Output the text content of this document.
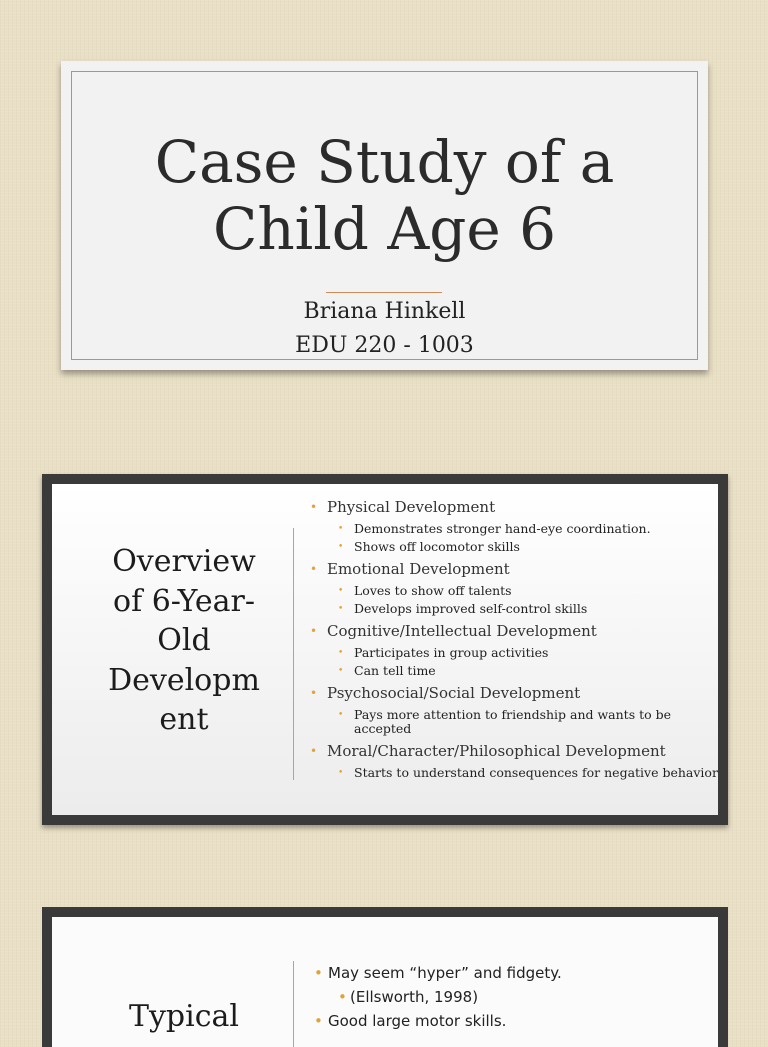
Case Study of a
Child Age 6
Briana Hinkell
EDU 220 - 1003
Overview
of 6-Year-
Old
Developm
ent
• Physical Development
• Demonstrates stronger hand-eye coordination.
• Shows off locomotor skills
• Emotional Development
• Loves to show off talents
• Develops improved self-control skills
• Cognitive/Intellectual Development
• Participates in group activities
• Can tell time
• Psychosocial/Social Development
• Pays more attention to friendship and wants to be accepted
• Moral/Character/Philosophical Development
• Starts to understand consequences for negative behavior
Typical
• May seem “hyper” and fidgety.
• (Ellsworth, 1998)
• Good large motor skills.
